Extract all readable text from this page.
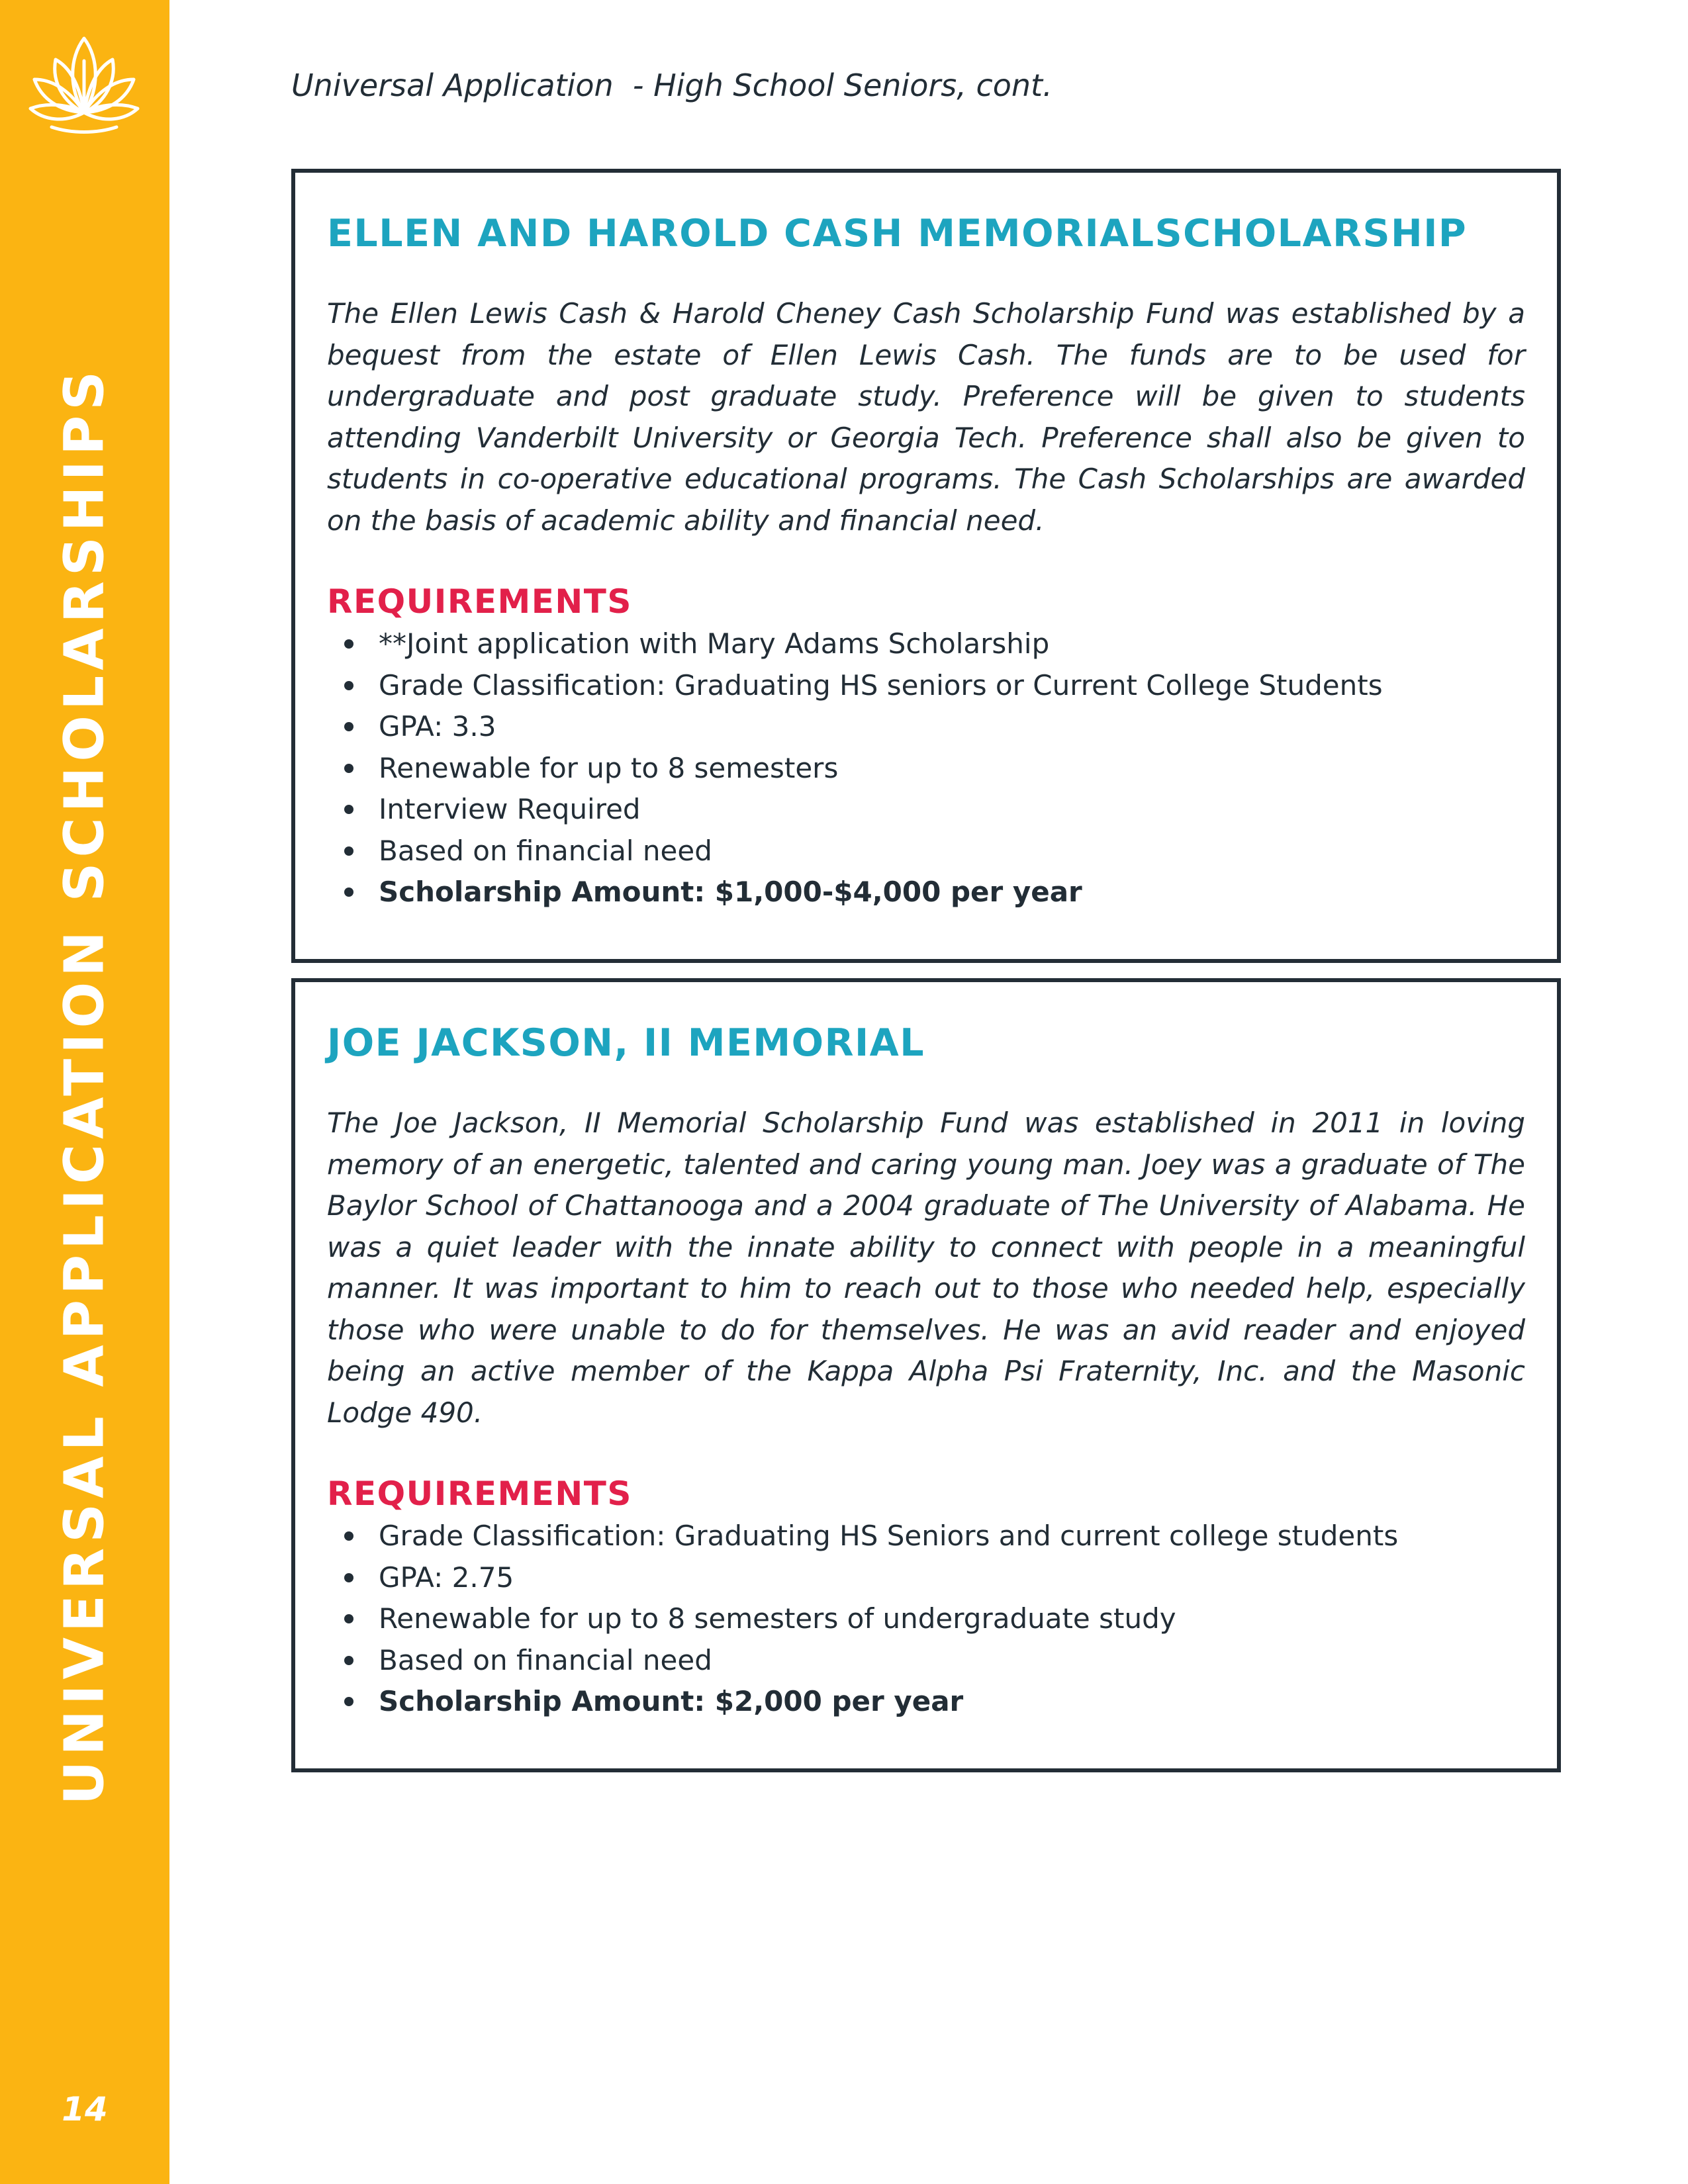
UNIVERSAL APPLICATION SCHOLARSHIPS
14
Universal Application  - High School Seniors, cont.
ELLEN AND HAROLD CASH MEMORIALSCHOLARSHIP

The Ellen Lewis Cash & Harold Cheney Cash Scholarship Fund was established by a bequest from the estate of Ellen Lewis Cash. The funds are to be used for undergraduate and post graduate study. Preference will be given to students attending Vanderbilt University or Georgia Tech. Preference shall also be given to students in co-operative educational programs. The Cash Scholarships are awarded on the basis of academic ability and financial need.

REQUIREMENTS
**Joint application with Mary Adams Scholarship
Grade Classification: Graduating HS seniors or Current College Students
GPA: 3.3
Renewable for up to 8 semesters
Interview Required
Based on financial need
Scholarship Amount: $1,000-$4,000 per year
JOE JACKSON, II MEMORIAL

The Joe Jackson, II Memorial Scholarship Fund was established in 2011 in loving memory of an energetic, talented and caring young man. Joey was a graduate of The Baylor School of Chattanooga and a 2004 graduate of The University of Alabama. He was a quiet leader with the innate ability to connect with people in a meaningful manner. It was important to him to reach out to those who needed help, especially those who were unable to do for themselves. He was an avid reader and enjoyed being an active member of the Kappa Alpha Psi Fraternity, Inc. and the Masonic Lodge 490.

REQUIREMENTS
Grade Classification: Graduating HS Seniors and current college students
GPA: 2.75
Renewable for up to 8 semesters of undergraduate study
Based on financial need
Scholarship Amount: $2,000 per year
